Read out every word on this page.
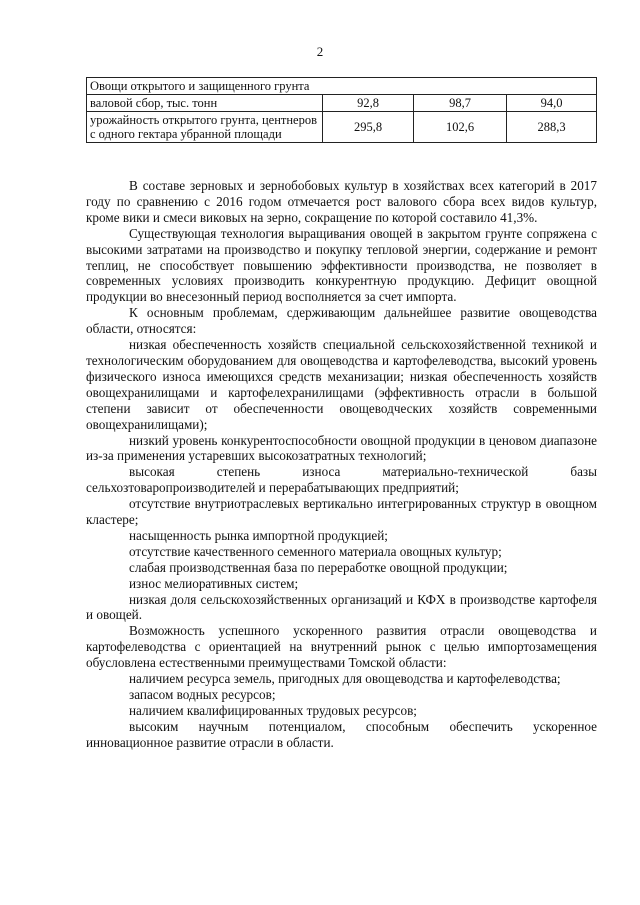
2
Овощи открытого и защищенного грунта			
валовой сбор, тыс. тонн	92,8	98,7	94,0
урожайность открытого грунта, центнеров с одного гектара убранной площади	295,8	102,6	288,3

В составе зерновых и зернобобовых культур в хозяйствах всех категорий в 2017 году по сравнению с 2016 годом отмечается рост валового сбора всех видов культур, кроме вики и смеси виковых на зерно, сокращение по которой составило 41,3%.

Существующая технология выращивания овощей в закрытом грунте сопряжена с высокими затратами на производство и покупку тепловой энергии, содержание и ремонт теплиц, не способствует повышению эффективности производства, не позволяет в современных условиях производить конкурентную продукцию. Дефицит овощной продукции во внесезонный период восполняется за счет импорта.

К основным проблемам, сдерживающим дальнейшее развитие овощеводства области, относятся:

низкая обеспеченность хозяйств специальной сельскохозяйственной техникой и технологическим оборудованием для овощеводства и картофелеводства, высокий уровень физического износа имеющихся средств механизации; низкая обеспеченность хозяйств овощехранилищами и картофелехранилищами (эффективность отрасли в большой степени зависит от обеспеченности овощеводческих хозяйств современными овощехранилищами);

низкий уровень конкурентоспособности овощной продукции в ценовом диапазоне из-за применения устаревших высокозатратных технологий;

высокая степень износа материально-технической базы сельхозтоваропроизводителей и перерабатывающих предприятий;

отсутствие внутриотраслевых вертикально интегрированных структур в овощном кластере;

насыщенность рынка импортной продукцией;

отсутствие качественного семенного материала овощных культур;

слабая производственная база по переработке овощной продукции;

износ мелиоративных систем;

низкая доля сельскохозяйственных организаций и КФХ в производстве картофеля и овощей.

Возможность успешного ускоренного развития отрасли овощеводства и картофелеводства с ориентацией на внутренний рынок с целью импортозамещения обусловлена естественными преимуществами Томской области:

наличием ресурса земель, пригодных для овощеводства и картофелеводства;

запасом водных ресурсов;

наличием квалифицированных трудовых ресурсов;

высоким научным потенциалом, способным обеспечить ускоренное инновационное развитие отрасли в области.
